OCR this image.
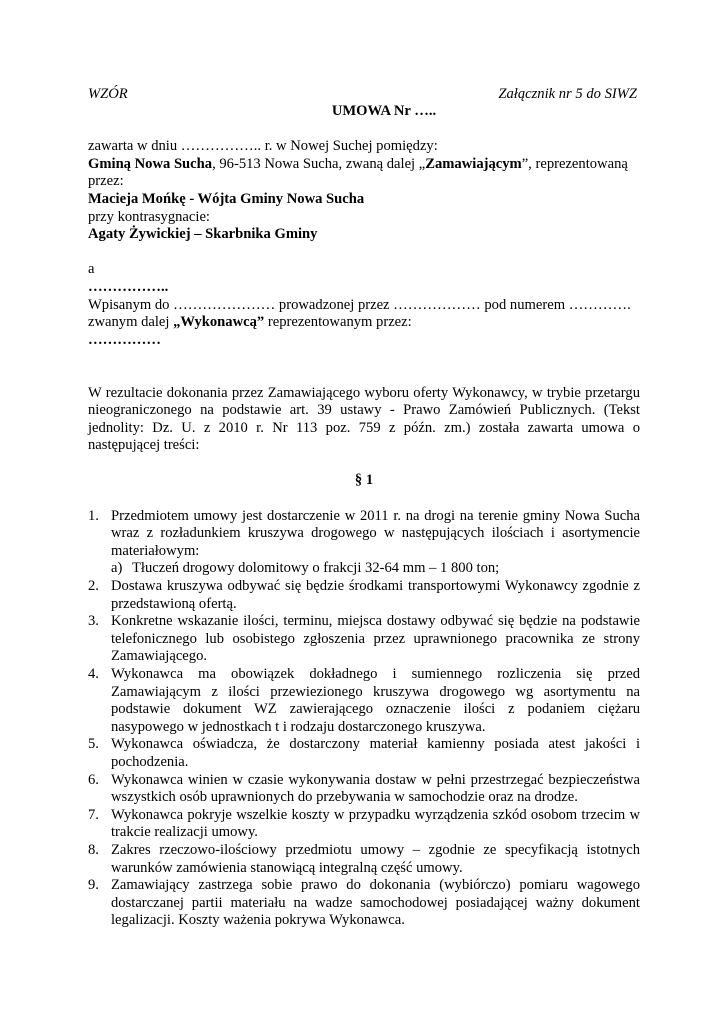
WZÓR	Załącznik nr 5 do SIWZ
UMOWA Nr …..
zawarta w dniu …………….. r. w Nowej Suchej pomiędzy:
Gminą Nowa Sucha, 96-513 Nowa Sucha, zwaną dalej „Zamawiającym”, reprezentowaną
przez:
Macieja Mońkę - Wójta Gminy Nowa Sucha
przy kontrasygnacie:
Agaty Żywickiej – Skarbnika Gminy
a
……………..
Wpisanym do ………………… prowadzonej przez ……………… pod numerem ………….
zwanym dalej „Wykonawcą” reprezentowanym przez:
……………
W rezultacie dokonania przez Zamawiającego wyboru oferty Wykonawcy, w trybie przetargu nieograniczonego na podstawie art. 39 ustawy - Prawo Zamówień Publicznych. (Tekst jednolity: Dz. U. z 2010 r. Nr 113 poz. 759 z późn. zm.) została zawarta umowa o następującej treści:
§ 1
1. Przedmiotem umowy jest dostarczenie w 2011 r. na drogi na terenie gminy Nowa Sucha wraz z rozładunkiem kruszywa drogowego w następujących ilościach i asortymencie materiałowym:
a) Tłuczeń drogowy dolomitowy o frakcji 32-64 mm – 1 800 ton;
2. Dostawa kruszywa odbywać się będzie środkami transportowymi Wykonawcy zgodnie z przedstawioną ofertą.
3. Konkretne wskazanie ilości, terminu, miejsca dostawy odbywać się będzie na podstawie telefonicznego lub osobistego zgłoszenia przez uprawnionego pracownika ze strony Zamawiającego.
4. Wykonawca ma obowiązek dokładnego i sumiennego rozliczenia się przed Zamawiającym z ilości przewiezionego kruszywa drogowego wg asortymentu na podstawie dokument WZ zawierającego oznaczenie ilości z podaniem ciężaru nasypowego w jednostkach t i rodzaju dostarczonego kruszywa.
5. Wykonawca oświadcza, że dostarczony materiał kamienny posiada atest jakości i pochodzenia.
6. Wykonawca winien w czasie wykonywania dostaw w pełni przestrzegać bezpieczeństwa wszystkich osób uprawnionych do przebywania w samochodzie oraz na drodze.
7. Wykonawca pokryje wszelkie koszty w przypadku wyrządzenia szkód osobom trzecim w trakcie realizacji umowy.
8. Zakres rzeczowo-ilościowy przedmiotu umowy – zgodnie ze specyfikacją istotnych warunków zamówienia stanowiącą integralną część umowy.
9. Zamawiający zastrzega sobie prawo do dokonania (wybiórczo) pomiaru wagowego dostarczanej partii materiału na wadze samochodowej posiadającej ważny dokument legalizacji. Koszty ważenia pokrywa Wykonawca.
